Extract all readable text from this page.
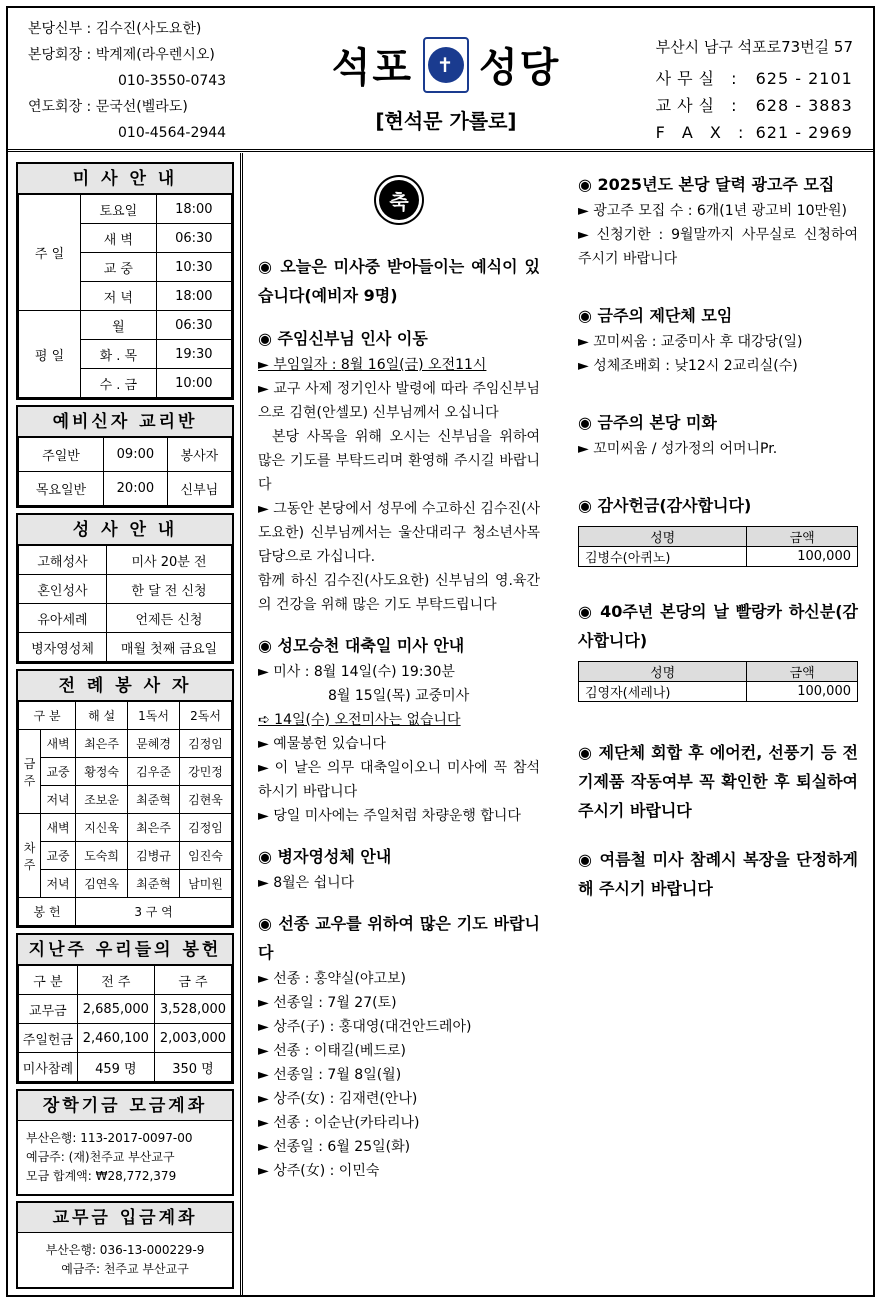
본당신부 : 김수진(사도요한)
본당회장 : 박계제(라우렌시오)
010-3550-0743
연도회장 : 문국선(벨라도)
010-4564-2944
석포	✝ 성당
[현석문 가롤로]
부산시 남구 석포로73번길 57
사무실 : 625 - 2101
교사실 : 628 - 3883
F A X : 621 - 2969
미 사 안 내
주 일	토요일	18:00
	새 벽	06:30
	교 중	10:30
	저 녁	18:00
평 일	월	06:30
	화 . 목	19:30
	수 . 금	10:00
예비신자 교리반
주일반	09:00	봉사자
목요일반	20:00	신부님
성 사 안 내
고해성사	미사 20분 전
혼인성사	한 달 전 신청
유아세례	언제든 신청
병자영성체	매월 첫째 금요일
전 례 봉 사 자
구 분		해 설	1독서	2독서
금주	새벽	최은주	문혜경	김정임
	교중	황정숙	김우준	강민정
	저녁	조보운	최준혁	김현욱
차주	새벽	지신욱	최은주	김정임
	교중	도숙희	김병규	임진숙
	저녁	김연옥	최준혁	남미원
봉 헌		3 구 역		
지난주 우리들의 봉헌
구 분	전 주	금 주
교무금	2,685,000	3,528,000
주일헌금	2,460,100	2,003,000
미사참례	459 명	350 명
장학기금 모금계좌
부산은행: 113-2017-0097-00
예금주: (재)천주교 부산교구
모금 합계액: ₩28,772,379
교무금 입금계좌
부산은행: 036-13-000229-9
예금주: 천주교 부산교구
축
◉ 오늘은 미사중 받아들이는 예식이 있습니다(예비자 9명)
◉ 주임신부님 인사 이동
► 부임일자 : 8월 16일(금) 오전11시
► 교구 사제 정기인사 발령에 따라 주임신부님으로 김현(안셀모) 신부님께서 오십니다
본당 사목을 위해 오시는 신부님을 위하여 많은 기도를 부탁드리며 환영해 주시길 바랍니다
► 그동안 본당에서 성무에 수고하신 김수진(사도요한) 신부님께서는 울산대리구 청소년사목 담당으로 가십니다.
함께 하신 김수진(사도요한) 신부님의 영.육간의 건강을 위해 많은 기도 부탁드립니다
◉ 성모승천 대축일 미사 안내
► 미사 : 8월 14일(수) 19:30분
8월 15일(목) 교중미사
➪ 14일(수) 오전미사는 없습니다
► 예물봉헌 있습니다
► 이 날은 의무 대축일이오니 미사에 꼭 참석하시기 바랍니다
► 당일 미사에는 주일처럼 차량운행 합니다
◉ 병자영성체 안내
► 8월은 쉽니다
◉ 선종 교우를 위하여 많은 기도 바랍니다
► 선종 : 홍약실(야고보)
► 선종일 : 7월 27(토)
► 상주(子) : 홍대영(대건안드레아)
► 선종 : 이태길(베드로)
► 선종일 : 7월 8일(월)
► 상주(女) : 김재련(안나)
► 선종 : 이순난(카타리나)
► 선종일 : 6월 25일(화)
► 상주(女) : 이민숙
◉ 2025년도 본당 달력 광고주 모집
► 광고주 모집 수 : 6개(1년 광고비 10만원)
► 신청기한 : 9월말까지 사무실로 신청하여 주시기 바랍니다
◉ 금주의 제단체 모임
► 꼬미씨움 : 교중미사 후 대강당(일)
► 성체조배회 : 낮12시 2교리실(수)
◉ 금주의 본당 미화
► 꼬미씨움 / 성가정의 어머니Pr.
◉ 감사헌금(감사합니다)
성명	금액
김병수(아퀴노)	100,000
◉ 40주년 본당의 날 빨랑카 하신분(감사합니다)
성명	금액
김영자(세레나)	100,000
◉ 제단체 회합 후 에어컨, 선풍기 등 전기제품 작동여부 꼭 확인한 후 퇴실하여 주시기 바랍니다
◉ 여름철 미사 참례시 복장을 단정하게 해 주시기 바랍니다
